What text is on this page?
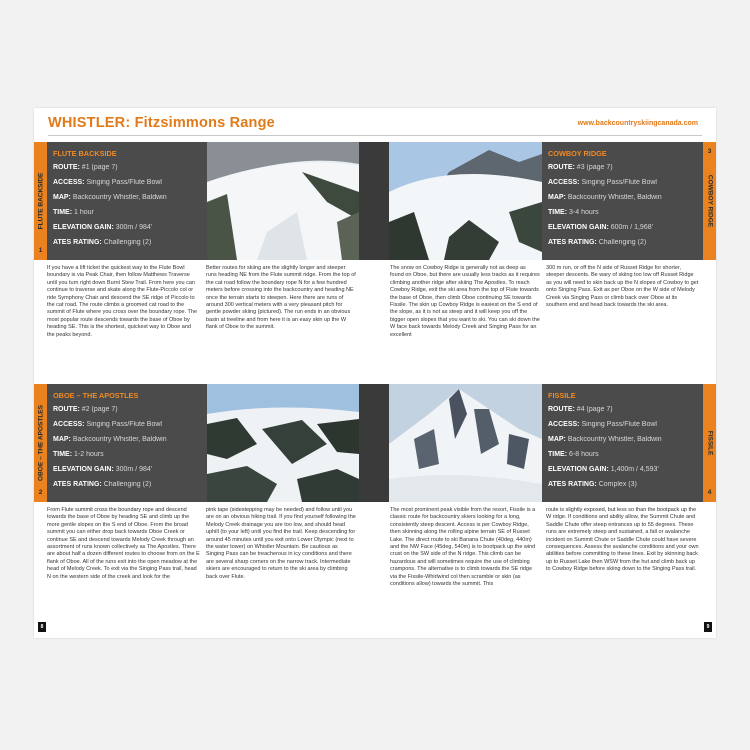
WHISTLER: Fitzsimmons Range	www.backcountryskiingcanada.com
FLUTE BACKSIDE
1
FLUTE BACKSIDE
ROUTE: #1 (page 7)
ACCESS: Singing Pass/Flute Bowl
MAP: Backcountry Whistler, Baldwin
TIME: 1 hour
ELEVATION GAIN: 300m / 984'
ATES RATING: Challenging (2)
COWBOY RIDGE
ROUTE: #3 (page 7)
ACCESS: Singing Pass/Flute Bowl
MAP: Backcountry Whistler, Baldwin
TIME: 3-4 hours
ELEVATION GAIN: 600m / 1,968'
ATES RATING: Challenging (2)
3
COWBOY RIDGE
If you have a lift ticket the quickest way to the Flute Bowl boundary is via Peak Chair, then follow Matthews Traverse until you turn right down Burnt Stew Trail. From here you can continue to traverse and skate along the Flute-Piccolo col or ride Symphony Chair and descend the SE ridge of Piccolo to the cat road. The route climbs a groomed cat road to the summit of Flute where you cross over the boundary rope. The most popular route descends towards the base of Oboe by heading SE. This is the shortest, quickest way to Oboe and the peaks beyond.
Better routes for skiing are the slightly longer and steeper runs heading NE from the Flute summit ridge. From the top of the cat road follow the boundary rope N for a few hundred meters before crossing into the backcountry and heading NE once the terrain starts to steepen. Here there are runs of around 300 vertical meters with a very pleasant pitch for gentle powder skiing (pictured). The run ends in an obvious basin at treeline and from here it is an easy skin up the W flank of Oboe to the summit.
The snow on Cowboy Ridge is generally not as deep as found on Oboe, but there are usually less tracks as it requires climbing another ridge after skiing The Apostles. To reach Cowboy Ridge, exit the ski area from the top of Flute towards the base of Oboe, then climb Oboe continuing SE towards Fissile. The skin up Cowboy Ridge is easiest on the S end of the slope, as it is not as steep and it will keep you off the bigger open slopes that you want to ski. You can ski down the W face back towards Melody Creek and Singing Pass for an excellent
300 m run, or off the N side of Russet Ridge for shorter, steeper descents. Be wary of skiing too low off Russet Ridge as you will need to skin back up the N slopes of Cowboy to get onto Singing Pass. Exit as per Oboe on the W side of Melody Creek via Singing Pass or climb back over Oboe at its southern end and head back towards the ski area.
OBOE – THE APOSTLES
2
OBOE – THE APOSTLES
ROUTE: #2 (page 7)
ACCESS: Singing Pass/Flute Bowl
MAP: Backcountry Whistler, Baldwin
TIME: 1-2 hours
ELEVATION GAIN: 300m / 984'
ATES RATING: Challenging (2)
FISSILE
ROUTE: #4 (page 7)
ACCESS: Singing Pass/Flute Bowl
MAP: Backcountry Whistler, Baldwin
TIME: 6-8 hours
ELEVATION GAIN: 1,400m / 4,593'
ATES RATING: Complex (3)
FISSILE
4
From Flute summit cross the boundary rope and descend towards the base of Oboe by heading SE and climb up the more gentle slopes on the S end of Oboe. From the broad summit you can either drop back towards Oboe Creek or continue SE and descend towards Melody Creek through an assortment of runs known collectively as The Apostles. There are about half a dozen different routes to choose from on the E flank of Oboe. All of the runs exit into the open meadow at the head of Melody Creek. To exit via the Singing Pass trail, head N on the western side of the creek and look for the
pink tape (sidestepping may be needed) and follow until you are on an obvious hiking trail. If you find yourself following the Melody Creek drainage you are too low, and should head uphill (to your left) until you find the trail. Keep descending for around 45 minutes until you exit onto Lower Olympic (next to the water tower) on Whistler Mountain. Be cautious as Singing Pass can be treacherous in icy conditions and there are several sharp corners on the narrow track. Intermediate skiers are encouraged to return to the ski area by climbing back over Flute.
The most prominent peak visible from the resort, Fissile is a classic route for backcountry skiers looking for a long, consistently steep descent. Access is per Cowboy Ridge, then skinning along the rolling alpine terrain SE of Russet Lake. The direct route to ski Banana Chute (40deg, 440m) and the NW Face (45deg, 540m) is to bootpack up the wind crust on the SW side of the N ridge. This climb can be hazardous and will sometimes require the use of climbing crampons. The alternative is to climb towards the SE ridge via the Fissile-Whirlwind col then scramble or skin (as conditions allow) towards the summit. This
route is slightly exposed, but less so than the bootpack up the W ridge. If conditions and ability allow, the Summit Chute and Saddle Chute offer steep entrances up to 55 degrees. These runs are extremely steep and sustained, a fall or avalanche incident on Summit Chute or Saddle Chute could have severe consequences. Assess the avalanche conditions and your own abilities before committing to these lines. Exit by skinning back up to Russet Lake then WSW from the hut and climb back up to Cowboy Ridge before skiing down to the Singing Pass trail.
8	9
